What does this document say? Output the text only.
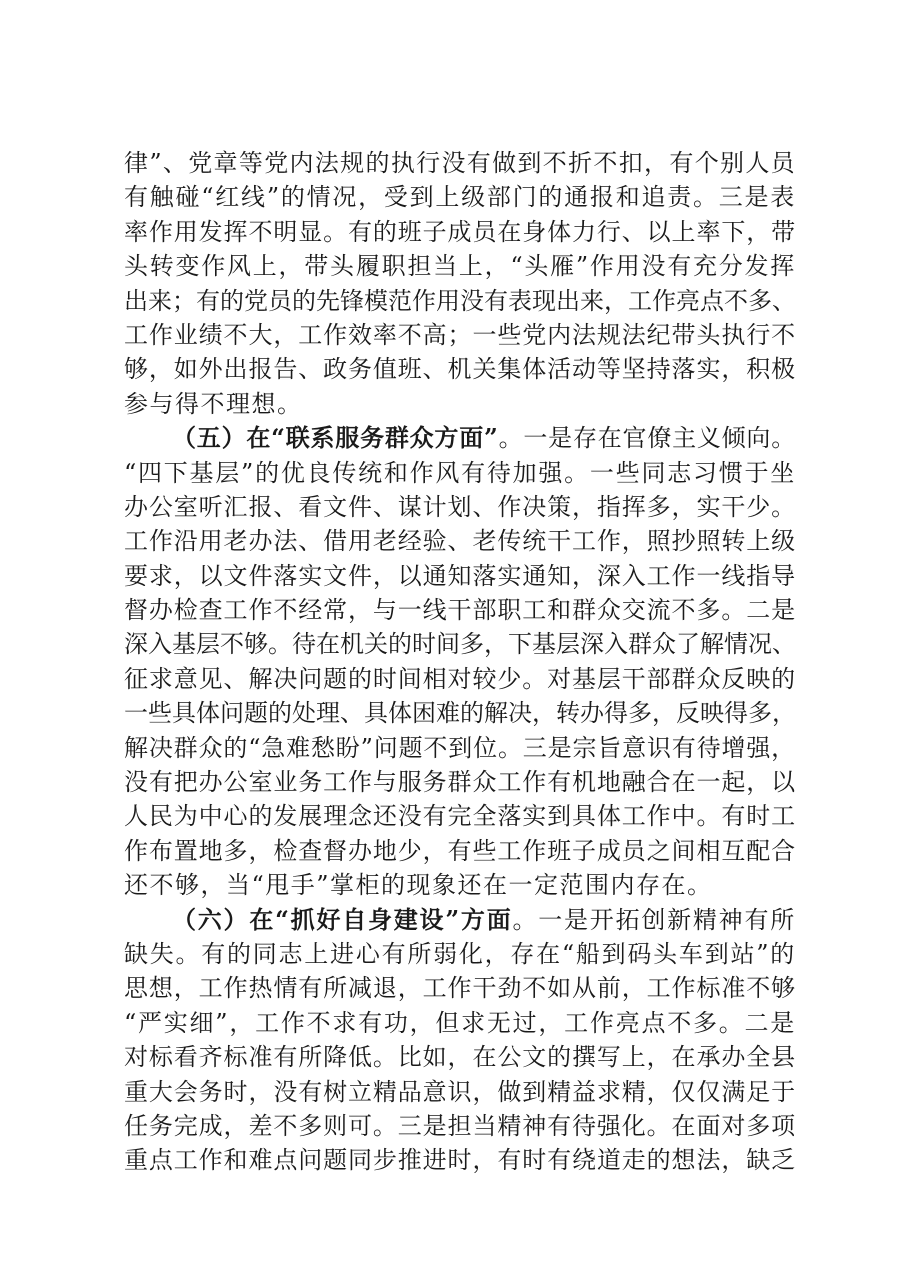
律”、党章等党内法规的执行没有做到不折不扣，有个别人员
有触碰“红线”的情况，受到上级部门的通报和追责。三是表
率作用发挥不明显。有的班子成员在身体力行、以上率下，带
头转变作风上，带头履职担当上，“头雁”作用没有充分发挥
出来；有的党员的先锋模范作用没有表现出来，工作亮点不多、
工作业绩不大，工作效率不高；一些党内法规法纪带头执行不
够，如外出报告、政务值班、机关集体活动等坚持落实，积极
参与得不理想。
（五）在“联系服务群众方面”。一是存在官僚主义倾向。
“四下基层”的优良传统和作风有待加强。一些同志习惯于坐
办公室听汇报、看文件、谋计划、作决策，指挥多，实干少。
工作沿用老办法、借用老经验、老传统干工作，照抄照转上级
要求，以文件落实文件，以通知落实通知，深入工作一线指导
督办检查工作不经常，与一线干部职工和群众交流不多。二是
深入基层不够。待在机关的时间多，下基层深入群众了解情况、
征求意见、解决问题的时间相对较少。对基层干部群众反映的
一些具体问题的处理、具体困难的解决，转办得多，反映得多，
解决群众的“急难愁盼”问题不到位。三是宗旨意识有待增强，
没有把办公室业务工作与服务群众工作有机地融合在一起，以
人民为中心的发展理念还没有完全落实到具体工作中。有时工
作布置地多，检查督办地少，有些工作班子成员之间相互配合
还不够，当“甩手”掌柜的现象还在一定范围内存在。
（六）在“抓好自身建设”方面。一是开拓创新精神有所
缺失。有的同志上进心有所弱化，存在“船到码头车到站”的
思想，工作热情有所减退，工作干劲不如从前，工作标准不够
“严实细”，工作不求有功，但求无过，工作亮点不多。二是
对标看齐标准有所降低。比如，在公文的撰写上，在承办全县
重大会务时，没有树立精品意识，做到精益求精，仅仅满足于
任务完成，差不多则可。三是担当精神有待强化。在面对多项
重点工作和难点问题同步推进时，有时有绕道走的想法，缺乏
